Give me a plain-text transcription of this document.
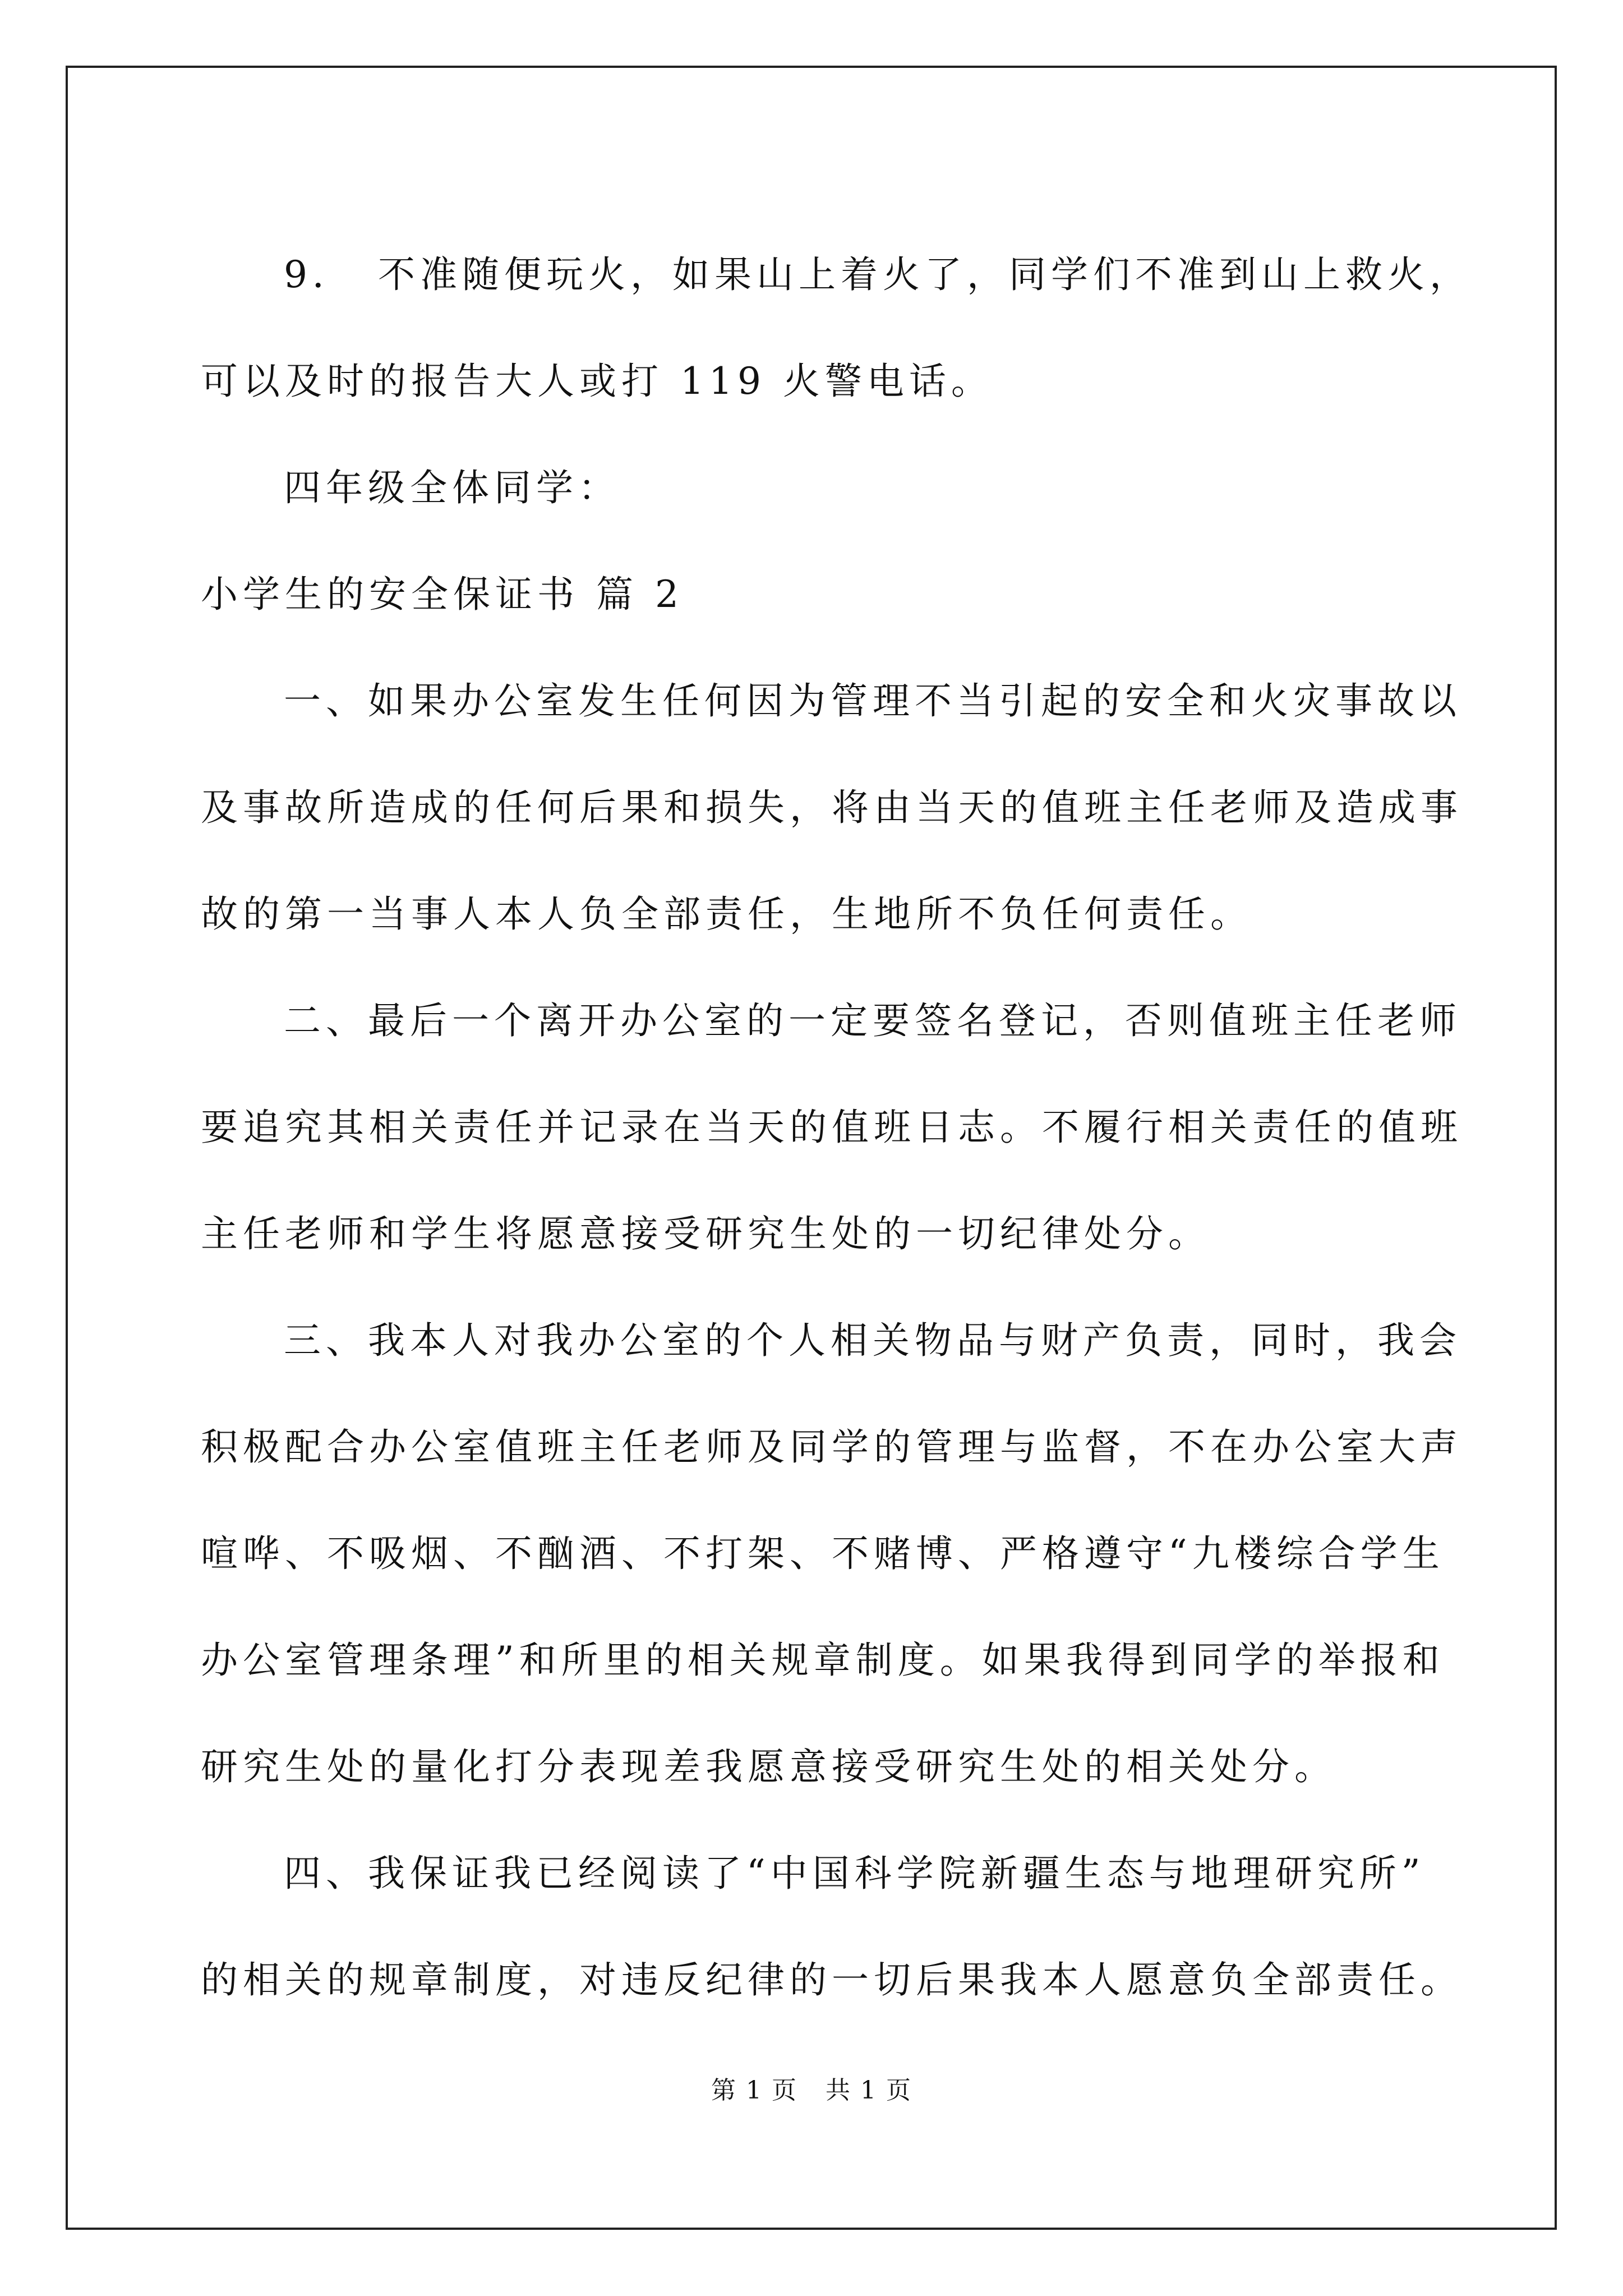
9．　不准随便玩火，如果山上着火了，同学们不准到山上救火，

可以及时的报告大人或打 119 火警电话。

四年级全体同学：

小学生的安全保证书 篇 2

一、如果办公室发生任何因为管理不当引起的安全和火灾事故以

及事故所造成的任何后果和损失，将由当天的值班主任老师及造成事

故的第一当事人本人负全部责任，生地所不负任何责任。

二、最后一个离开办公室的一定要签名登记，否则值班主任老师

要追究其相关责任并记录在当天的值班日志。不履行相关责任的值班

主任老师和学生将愿意接受研究生处的一切纪律处分。

三、我本人对我办公室的个人相关物品与财产负责，同时，我会

积极配合办公室值班主任老师及同学的管理与监督，不在办公室大声

喧哗、不吸烟、不酗酒、不打架、不赌博、严格遵守“九楼综合学生

办公室管理条理”和所里的相关规章制度。如果我得到同学的举报和

研究生处的量化打分表现差我愿意接受研究生处的相关处分。

四、我保证我已经阅读了“中国科学院新疆生态与地理研究所”

的相关的规章制度，对违反纪律的一切后果我本人愿意负全部责任。

第 1 页 共 1 页
